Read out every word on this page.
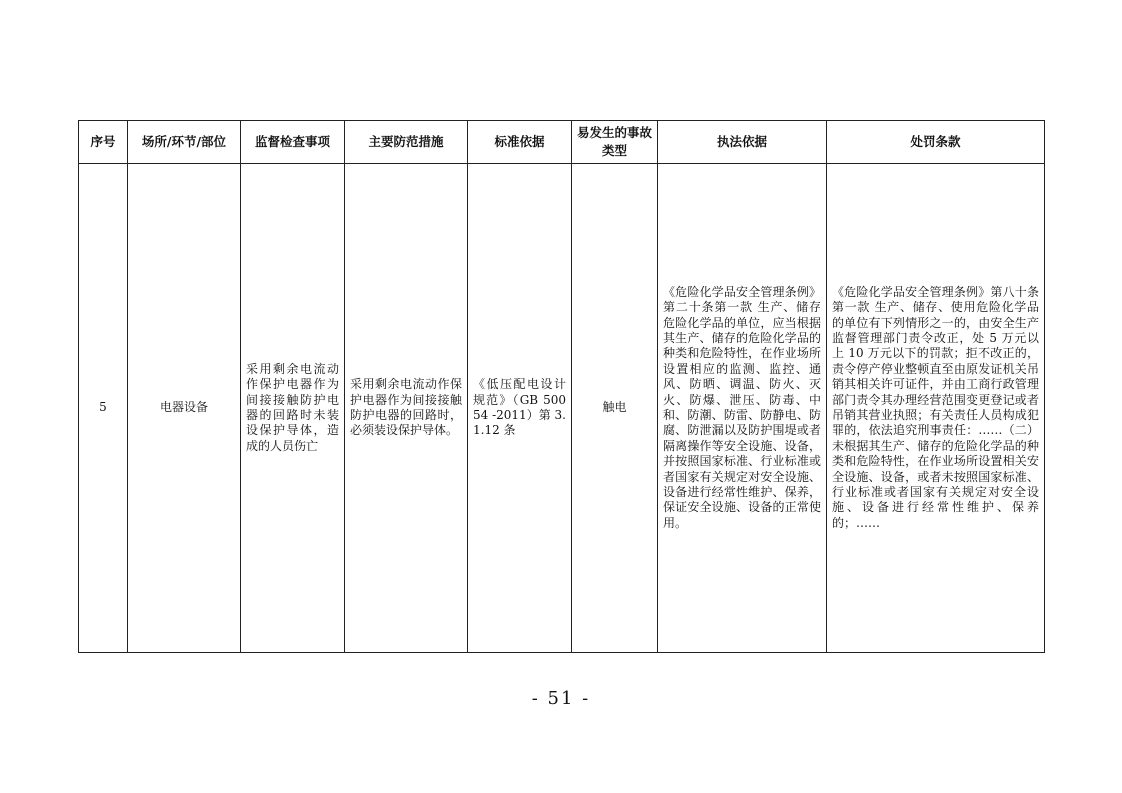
序号	场所/环节/部位	监督检查事项	主要防范措施	标准依据	易发生的事故类型	执法依据	处罚条款
5	电器设备	采用剩余电流动作保护电器作为间接接触防护电器的回路时未装设保护导体，造成的人员伤亡	采用剩余电流动作保护电器作为间接接触防护电器的回路时，必须装设保护导体。	《低压配电设计规范》（GB 50054 -2011）第 3.1.12 条	触电	《危险化学品安全管理条例》第二十条第一款 生产、储存危险化学品的单位，应当根据其生产、储存的危险化学品的种类和危险特性，在作业场所设置相应的监测、监控、通风、防晒、调温、防火、灭火、防爆、泄压、防毒、中和、防潮、防雷、防静电、防腐、防泄漏以及防护围堤或者隔离操作等安全设施、设备，并按照国家标准、行业标准或者国家有关规定对安全设施、设备进行经常性维护、保养，保证安全设施、设备的正常使用。	《危险化学品安全管理条例》第八十条第一款 生产、储存、使用危险化学品的单位有下列情形之一的，由安全生产监督管理部门责令改正，处 5 万元以上 10 万元以下的罚款；拒不改正的，责令停产停业整顿直至由原发证机关吊销其相关许可证件，并由工商行政管理部门责令其办理经营范围变更登记或者吊销其营业执照；有关责任人员构成犯罪的，依法追究刑事责任：……（二）未根据其生产、储存的危险化学品的种类和危险特性，在作业场所设置相关安全设施、设备，或者未按照国家标准、行业标准或者国家有关规定对安全设施、设备进行经常性维护、保养的；……
- 51 -
